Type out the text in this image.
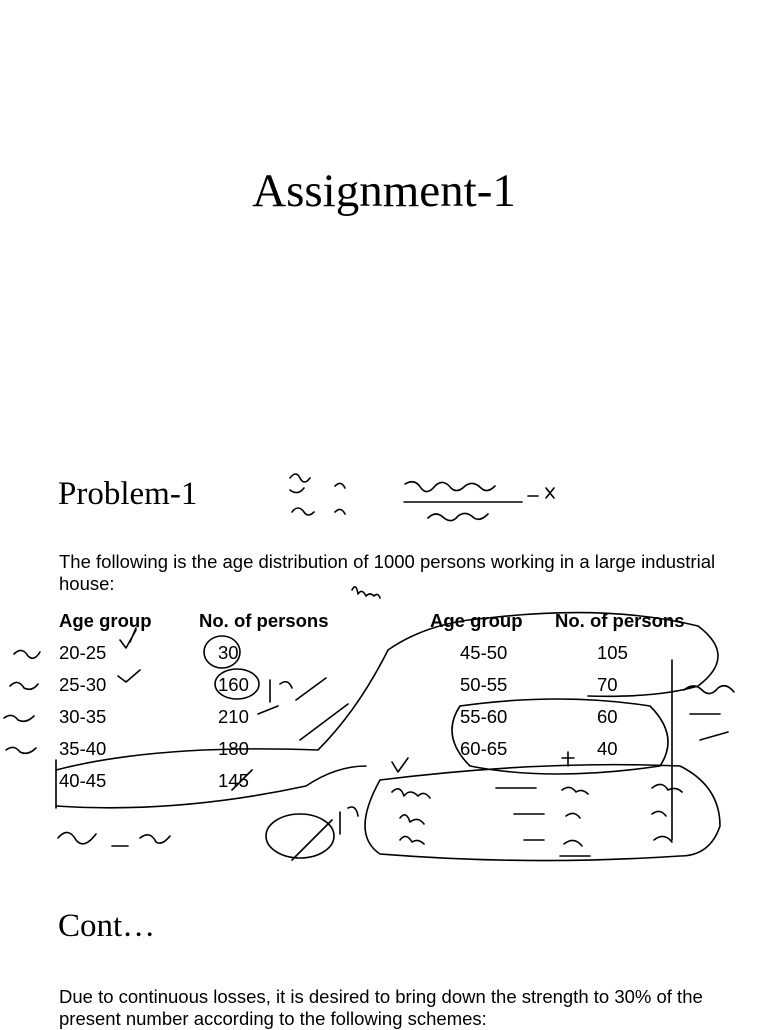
Assignment-1
Problem-1
The following is the age distribution of 1000 persons working in a large industrial house:
Age group
20-25
25-30
30-35
35-40
40-45
No. of persons
30
160
210
180
145
Age group
45-50
50-55
55-60
60-65
No. of persons
105
70
60
40
Cont…
Due to continuous losses, it is desired to bring down the strength to 30% of the present number according to the following schemes:
